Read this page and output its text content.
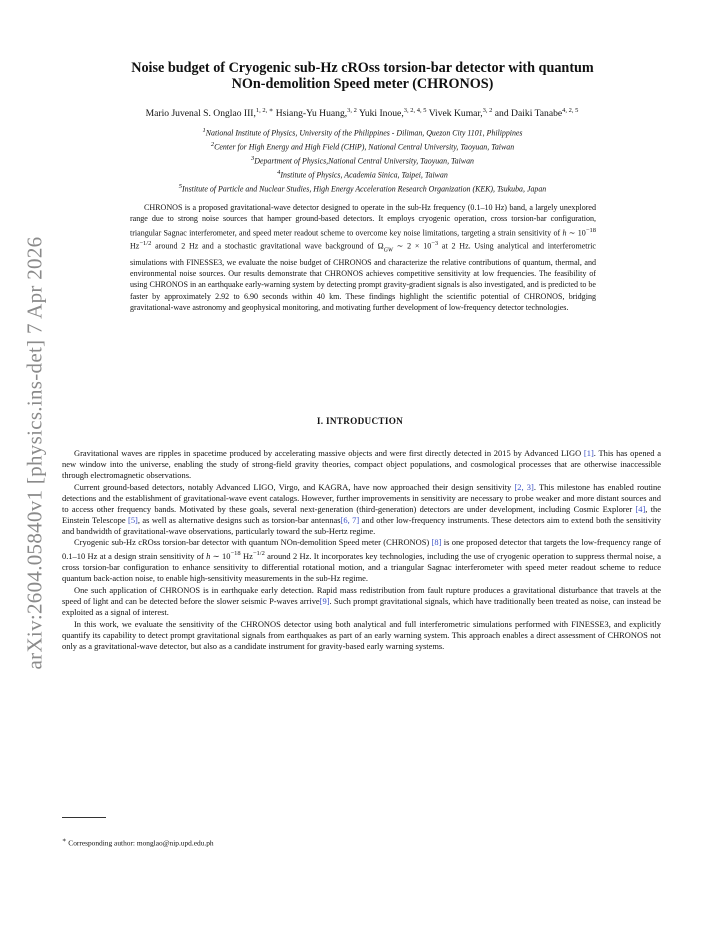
arXiv:2604.05840v1 [physics.ins-det] 7 Apr 2026
Noise budget of Cryogenic sub-Hz cROss torsion-bar detector with quantum
NOn-demolition Speed meter (CHRONOS)
Mario Juvenal S. Onglao III,$^{1, 2, ∗}$ Hsiang-Yu Huang,$^{3, 2}$ Yuki Inoue,$^{3, 2, 4, 5}$ Vivek Kumar,$^{3, 2}$ and Daiki Tanabe$^{4, 2, 5}$
$^1$National Institute of Physics, University of the Philippines - Diliman, Quezon City 1101, Philippines
$^2$Center for High Energy and High Field (CHiP), National Central University, Taoyuan, Taiwan
$^3$Department of Physics,National Central University, Taoyuan, Taiwan
$^4$Institute of Physics, Academia Sinica, Taipei, Taiwan
$^5$Institute of Particle and Nuclear Studies, High Energy Acceleration Research Organization (KEK), Tsukuba, Japan
CHRONOS is a proposed gravitational-wave detector designed to operate in the sub-Hz frequency (0.1–10 Hz) band, a largely unexplored range due to strong noise sources that hamper ground-based detectors. It employs cryogenic operation, cross torsion-bar configuration, triangular Sagnac interferometer, and speed meter readout scheme to overcome key noise limitations, targeting a strain sensitivity of h ∼ $10^{-18}$ $Hz^{-1/2}$ around 2 Hz and a stochastic gravitational wave background of $\Omega_{GW}$ ∼ $2 \times 10^{-3}$ at 2 Hz. Using analytical and interferometric simulations with FINESSE3, we evaluate the noise budget of CHRONOS and characterize the relative contributions of quantum, thermal, and environmental noise sources. Our results demonstrate that CHRONOS achieves competitive sensitivity at low frequencies. The feasibility of using CHRONOS in an earthquake early-warning system by detecting prompt gravity-gradient signals is also investigated, and is predicted to be faster by approximately 2.92 to 6.90 seconds within 40 km. These findings highlight the scientific potential of CHRONOS, bridging gravitational-wave astronomy and geophysical monitoring, and motivating further development of low-frequency detector technologies.
I. INTRODUCTION

Gravitational waves are ripples in spacetime produced by accelerating massive objects and were first directly detected in 2015 by Advanced LIGO [1]. This has opened a new window into the universe, enabling the study of strong-field gravity theories, compact object populations, and cosmological processes that are otherwise inaccessible through electromagnetic observations.

Current ground-based detectors, notably Advanced LIGO, Virgo, and KAGRA, have now approached their design sensitivity [2, 3]. This milestone has enabled routine detections and the establishment of gravitational-wave event catalogs. However, further improvements in sensitivity are necessary to probe weaker and more distant sources and to access other frequency bands. Motivated by these goals, several next-generation (third-generation) detectors are under development, including Cosmic Explorer [4], the Einstein Telescope [5], as well as alternative designs such as torsion-bar antennas[6, 7] and other low-frequency instruments. These detectors aim to extend both the sensitivity and bandwidth of gravitational-wave observations, particularly toward the sub-Hertz regime.

Cryogenic sub-Hz cROss torsion-bar detector with quantum NOn-demolition Speed meter (CHRONOS) [8] is one proposed detector that targets the low-frequency range of 0.1–10 Hz at a design strain sensitivity of h ∼ $10^{-18}$ $Hz^{-1/2}$ around 2 Hz. It incorporates key technologies, including the use of cryogenic operation to suppress thermal noise, a cross torsion-bar configuration to enhance sensitivity to differential rotational motion, and a triangular Sagnac interferometer with speed meter readout scheme to reduce quantum back-action noise, to enable high-sensitivity measurements in the sub-Hz regime.

One such application of CHRONOS is in earthquake early detection. Rapid mass redistribution from fault rupture produces a gravitational disturbance that travels at the speed of light and can be detected before the slower seismic P-waves arrive[9]. Such prompt gravitational signals, which have traditionally been treated as noise, can instead be exploited as a signal of interest.

In this work, we evaluate the sensitivity of the CHRONOS detector using both analytical and full interferometric simulations performed with FINESSE3, and explicitly quantify its capability to detect prompt gravitational signals from earthquakes as part of an early warning system. This approach enables a direct assessment of CHRONOS not only as a gravitational-wave detector, but also as a candidate instrument for gravity-based early warning systems.

∗ Corresponding author: monglao@nip.upd.edu.ph
